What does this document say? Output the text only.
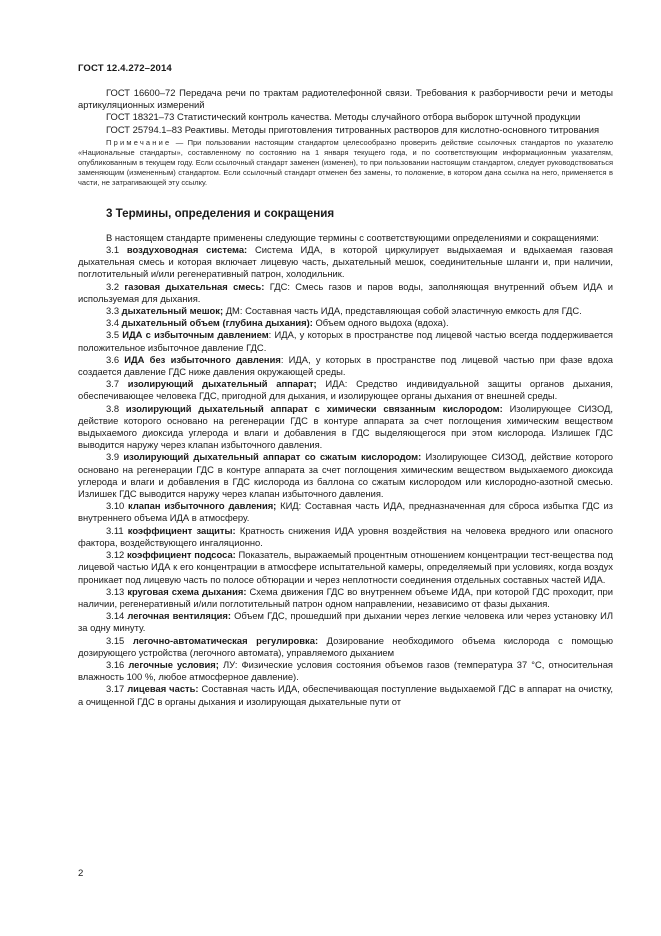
ГОСТ 12.4.272–2014

ГОСТ 16600–72 Передача речи по трактам радиотелефонной связи. Требования к разборчивости речи и методы артикуляционных измерений

ГОСТ 18321–73 Статистический контроль качества. Методы случайного отбора выборок штучной продукции

ГОСТ 25794.1–83 Реактивы. Методы приготовления титрованных растворов для кислотно-основного титрования

Примечание — При пользовании настоящим стандартом целесообразно проверить действие ссылочных стандартов по указателю «Национальные стандарты», составленному по состоянию на 1 января текущего года, и по соответствующим информационным указателям, опубликованным в текущем году. Если ссылочный стандарт заменен (изменен), то при пользовании настоящим стандартом, следует руководствоваться заменяющим (измененным) стандартом. Если ссылочный стандарт отменен без замены, то положение, в котором дана ссылка на него, применяется в части, не затрагивающей эту ссылку.

3 Термины, определения и сокращения

В настоящем стандарте применены следующие термины с соответствующими определениями и сокращениями:

3.1 воздуховодная система: Система ИДА, в которой циркулирует выдыхаемая и вдыхаемая газовая дыхательная смесь и которая включает лицевую часть, дыхательный мешок, соединительные шланги и, при наличии, поглотительный и/или регенеративный патрон, холодильник.

3.2 газовая дыхательная смесь: ГДС: Смесь газов и паров воды, заполняющая внутренний объем ИДА и используемая для дыхания.

3.3 дыхательный мешок; ДМ: Составная часть ИДА, представляющая собой эластичную емкость для ГДС.

3.4 дыхательный объем (глубина дыхания): Объем одного выдоха (вдоха).

3.5 ИДА с избыточным давлением: ИДА, у которых в пространстве под лицевой частью всегда поддерживается положительное избыточное давление ГДС.

3.6 ИДА без избыточного давления: ИДА, у которых в пространстве под лицевой частью при фазе вдоха создается давление ГДС ниже давления окружающей среды.

3.7 изолирующий дыхательный аппарат; ИДА: Средство индивидуальной защиты органов дыхания, обеспечивающее человека ГДС, пригодной для дыхания, и изолирующее органы дыхания от внешней среды.

3.8 изолирующий дыхательный аппарат с химически связанным кислородом: Изолирующее СИЗОД, действие которого основано на регенерации ГДС в контуре аппарата за счет поглощения химическим веществом выдыхаемого диоксида углерода и влаги и добавления в ГДС выделяющегося при этом кислорода. Излишек ГДС выводится наружу через клапан избыточного давления.

3.9 изолирующий дыхательный аппарат со сжатым кислородом: Изолирующее СИЗОД, действие которого основано на регенерации ГДС в контуре аппарата за счет поглощения химическим веществом выдыхаемого диоксида углерода и влаги и добавления в ГДС кислорода из баллона со сжатым кислородом или кислородно-азотной смесью. Излишек ГДС выводится наружу через клапан избыточного давления.

3.10 клапан избыточного давления; КИД: Составная часть ИДА, предназначенная для сброса избытка ГДС из внутреннего объема ИДА в атмосферу.

3.11 коэффициент защиты: Кратность снижения ИДА уровня воздействия на человека вредного или опасного фактора, воздействующего ингаляционно.

3.12 коэффициент подсоса: Показатель, выражаемый процентным отношением концентрации тест-вещества под лицевой частью ИДА к его концентрации в атмосфере испытательной камеры, определяемый при условиях, когда воздух проникает под лицевую часть по полосе обтюрации и через неплотности соединения отдельных составных частей ИДА.

3.13 круговая схема дыхания: Схема движения ГДС во внутреннем объеме ИДА, при которой ГДС проходит, при наличии, регенеративный и/или поглотительный патрон одном направлении, независимо от фазы дыхания.

3.14 легочная вентиляция: Объем ГДС, прошедший при дыхании через легкие человека или через установку ИЛ за одну минуту.

3.15 легочно-автоматическая регулировка: Дозирование необходимого объема кислорода с помощью дозирующего устройства (легочного автомата), управляемого дыханием

3.16 легочные условия; ЛУ: Физические условия состояния объемов газов (температура 37 °С, относительная влажность 100 %, любое атмосферное давление).

3.17 лицевая часть: Составная часть ИДА, обеспечивающая поступление выдыхаемой ГДС в аппарат на очистку, а очищенной ГДС в органы дыхания и изолирующая дыхательные пути от

2
